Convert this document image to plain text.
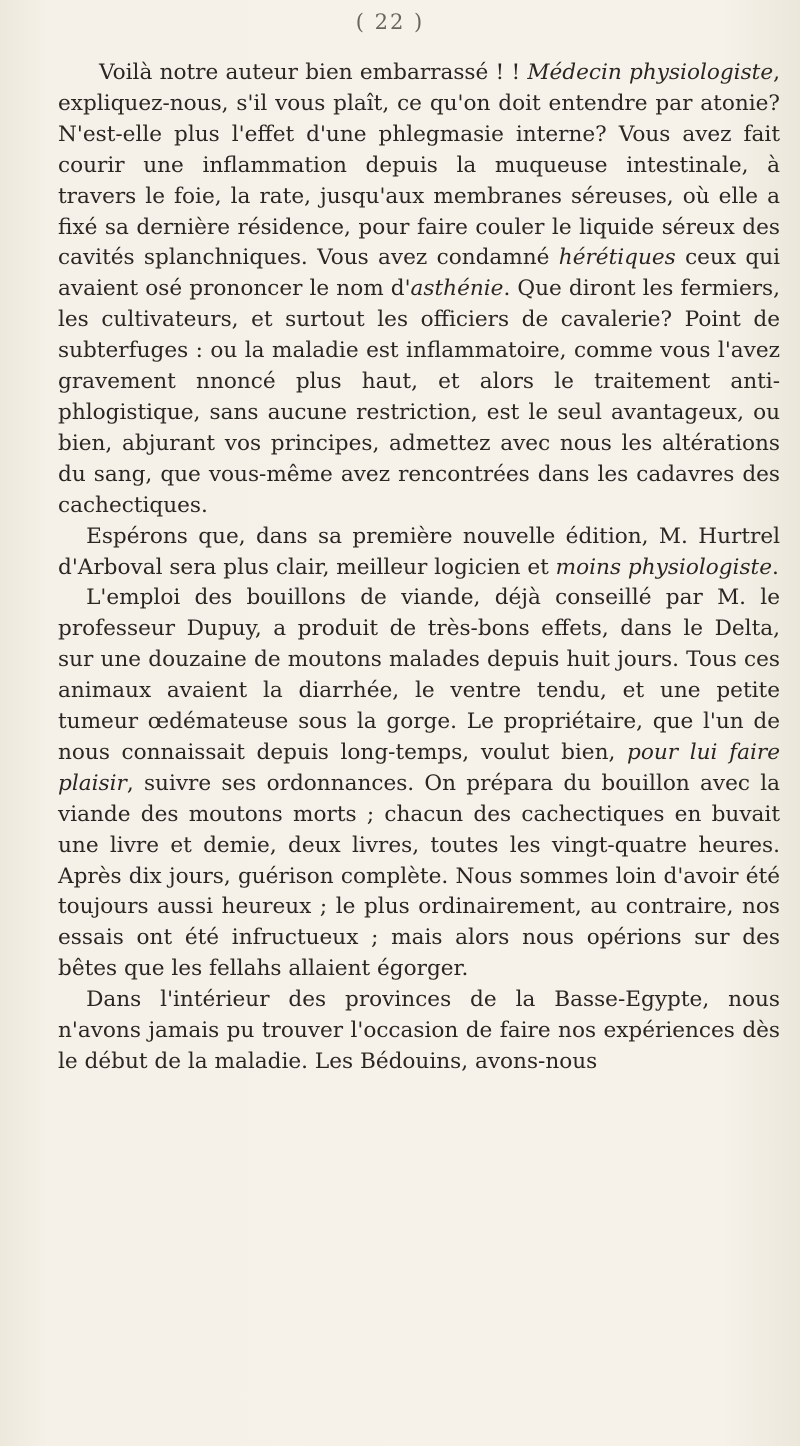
( 22 )

Voilà notre auteur bien embarrassé ! ! Médecin physiologiste, expliquez-nous, s'il vous plaît, ce qu'on doit entendre par atonie? N'est-elle plus l'effet d'une phlegmasie interne? Vous avez fait courir une inflammation depuis la muqueuse intestinale, à travers le foie, la rate, jusqu'aux membranes séreuses, où elle a fixé sa dernière résidence, pour faire couler le liquide séreux des cavités splanchniques. Vous avez condamné hérétiques ceux qui avaient osé prononcer le nom d'asthénie. Que diront les fermiers, les cultivateurs, et surtout les officiers de cavalerie? Point de subterfuges : ou la maladie est inflammatoire, comme vous l'avez gravement nnoncé plus haut, et alors le traitement anti-phlogistique, sans aucune restriction, est le seul avantageux, ou bien, abjurant vos principes, admettez avec nous les altérations du sang, que vous-même avez rencontrées dans les cadavres des cachectiques.

Espérons que, dans sa première nouvelle édition, M. Hurtrel d'Arboval sera plus clair, meilleur logicien et moins physiologiste.

L'emploi des bouillons de viande, déjà conseillé par M. le professeur Dupuy, a produit de très-bons effets, dans le Delta, sur une douzaine de moutons malades depuis huit jours. Tous ces animaux avaient la diarrhée, le ventre tendu, et une petite tumeur œdémateuse sous la gorge. Le propriétaire, que l'un de nous connaissait depuis long-temps, voulut bien, pour lui faire plaisir, suivre ses ordonnances. On prépara du bouillon avec la viande des moutons morts ; chacun des cachectiques en buvait une livre et demie, deux livres, toutes les vingt-quatre heures. Après dix jours, guérison complète. Nous sommes loin d'avoir été toujours aussi heureux ; le plus ordinairement, au contraire, nos essais ont été infructueux ; mais alors nous opérions sur des bêtes que les fellahs allaient égorger.

Dans l'intérieur des provinces de la Basse-Egypte, nous n'avons jamais pu trouver l'occasion de faire nos expériences dès le début de la maladie. Les Bédouins, avons-nous
